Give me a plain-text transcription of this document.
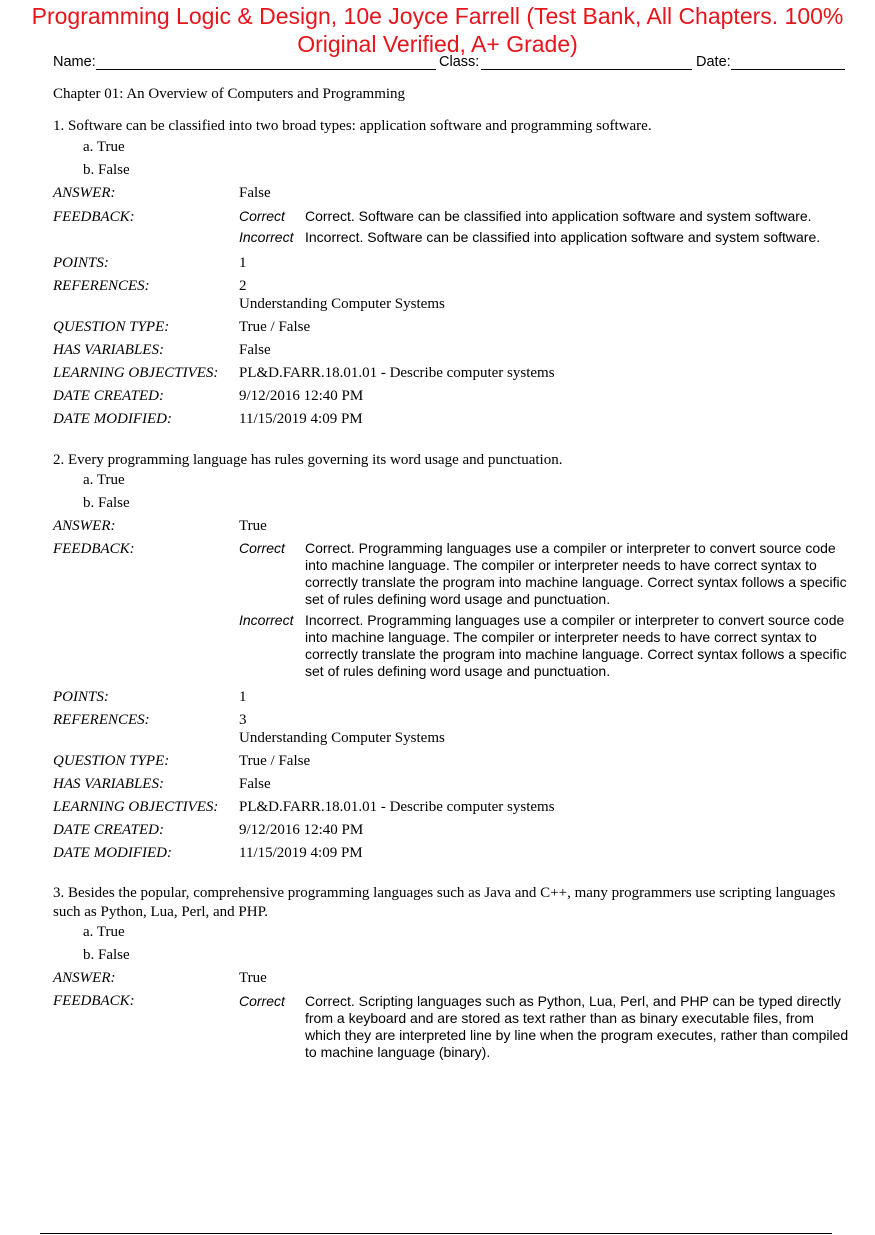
Programming Logic & Design, 10e Joyce Farrell (Test Bank, All Chapters. 100%
Original Verified, A+ Grade)
Name:	Class:	Date:
Chapter 01: An Overview of Computers and Programming
1. Software can be classified into two broad types: application software and programming software.
a. True
b. False
ANSWER:	False
FEEDBACK:	Correct Correct. Software can be classified into application software and system software.
Incorrect Incorrect. Software can be classified into application software and system software.
POINTS:	1
REFERENCES:	2
Understanding Computer Systems
QUESTION TYPE:	True / False
HAS VARIABLES:	False
LEARNING OBJECTIVES: PL&D.FARR.18.01.01 - Describe computer systems
DATE CREATED:	9/12/2016 12:40 PM
DATE MODIFIED:	11/15/2019 4:09 PM
2. Every programming language has rules governing its word usage and punctuation.
a. True
b. False
ANSWER:	True
FEEDBACK:	Correct Correct. Programming languages use a compiler or interpreter to convert source code into machine language. The compiler or interpreter needs to have correct syntax to correctly translate the program into machine language. Correct syntax follows a specific set of rules defining word usage and punctuation.
Incorrect Incorrect. Programming languages use a compiler or interpreter to convert source code into machine language. The compiler or interpreter needs to have correct syntax to correctly translate the program into machine language. Correct syntax follows a specific set of rules defining word usage and punctuation.
POINTS:	1
REFERENCES:	3
Understanding Computer Systems
QUESTION TYPE:	True / False
HAS VARIABLES:	False
LEARNING OBJECTIVES: PL&D.FARR.18.01.01 - Describe computer systems
DATE CREATED:	9/12/2016 12:40 PM
DATE MODIFIED:	11/15/2019 4:09 PM
3. Besides the popular, comprehensive programming languages such as Java and C++, many programmers use scripting languages such as Python, Lua, Perl, and PHP.
a. True
b. False
ANSWER:	True
FEEDBACK:	Correct Correct. Scripting languages such as Python, Lua, Perl, and PHP can be typed directly from a keyboard and are stored as text rather than as binary executable files, from which they are interpreted line by line when the program executes, rather than compiled to machine language (binary).
